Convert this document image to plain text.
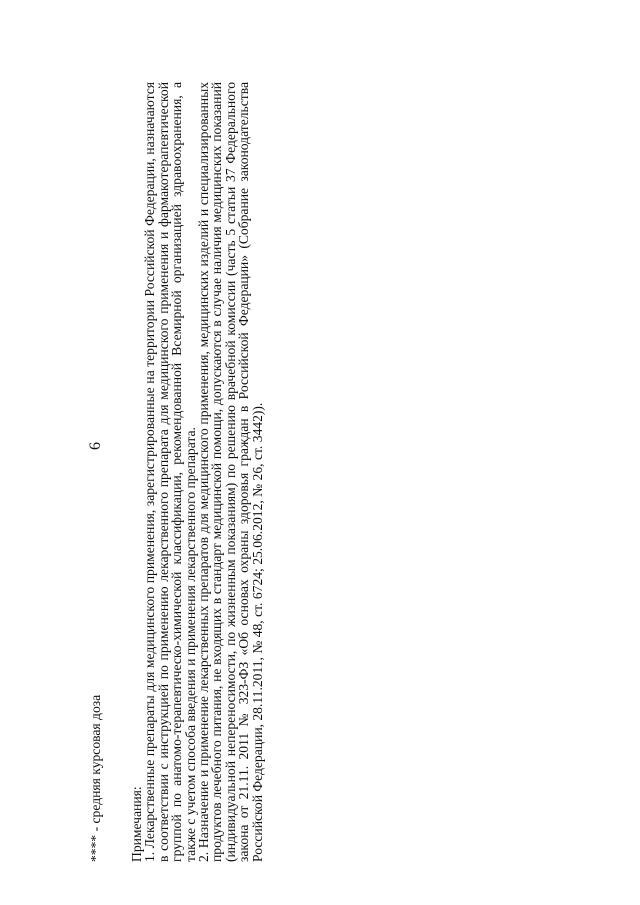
6
**** - средняя курсовая доза Примечания:

1. Лекарственные препараты для медицинского применения, зарегистрированные на территории Российской Федерации, назначаются в соответствии с инструкцией по применению лекарственного препарата для медицинского применения и фармакотерапевтической группой по анатомо-терапевтическо-химической классификации, рекомендованной Всемирной организацией здравоохранения, а также с учетом способа введения и применения лекарственного препарата.

2. Назначение и применение лекарственных препаратов для медицинского применения, медицинских изделий и специализированных продуктов лечебного питания, не входящих в стандарт медицинской помощи, допускаются в случае наличия медицинских показаний (индивидуальной непереносимости, по жизненным показаниям) по решению врачебной комиссии (часть 5 статьи 37 Федерального закона от 21.11. 2011 № 323-ФЗ «Об основах охраны здоровья граждан в Российской Федерации» (Собрание законодательства Российской Федерации, 28.11.2011, № 48, ст. 6724; 25.06.2012, № 26, ст. 3442)).
